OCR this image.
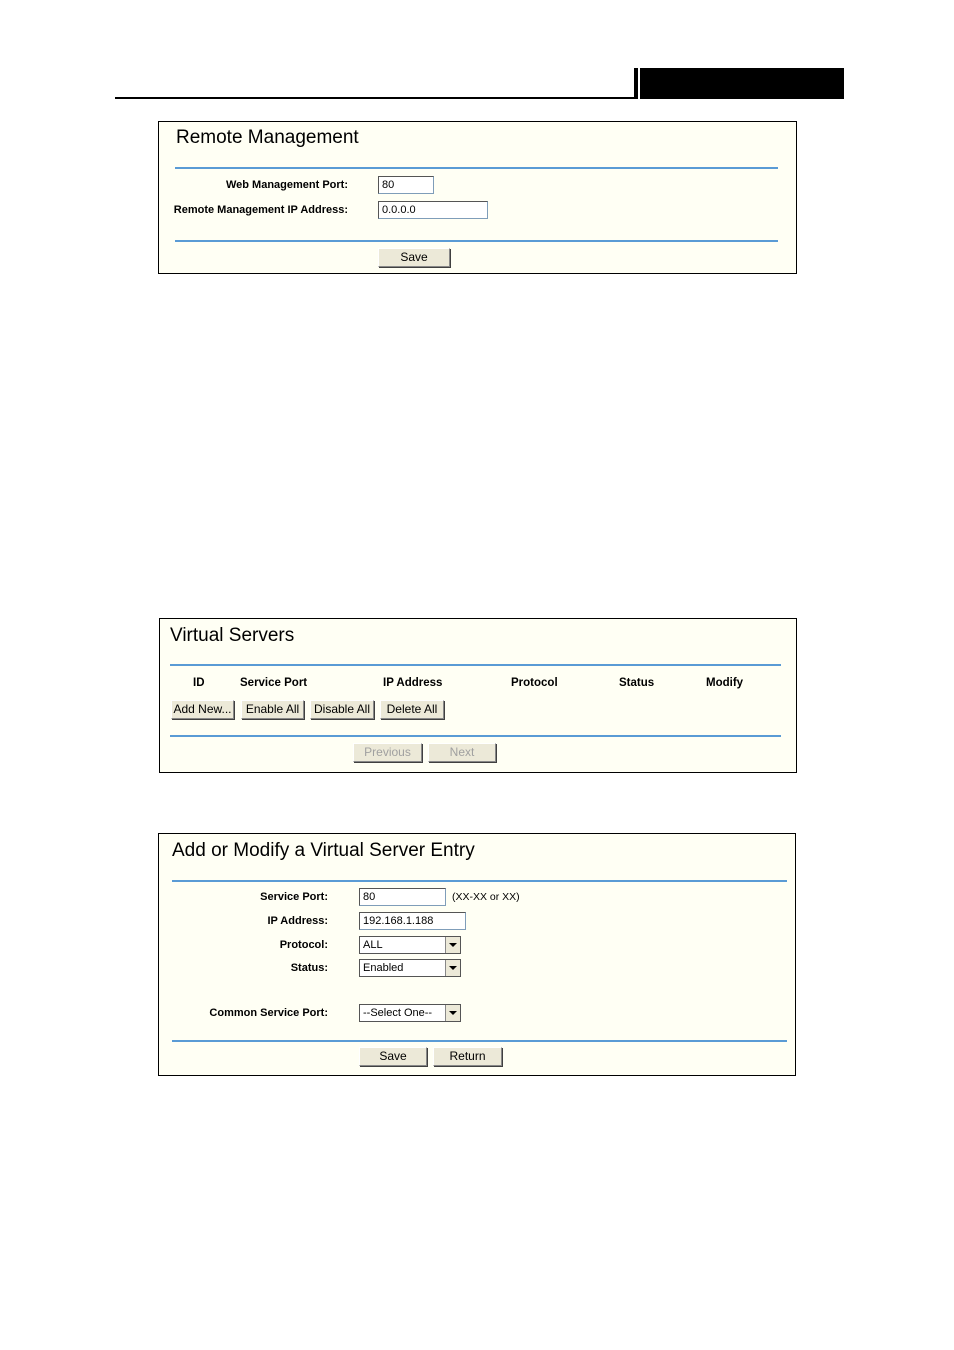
Remote Management
Web Management Port:	80
Remote Management IP Address:	0.0.0.0
Save
Virtual Servers
ID	Service Port	IP Address	Protocol	Status	Modify
Add New...	Enable All	Disable All	Delete All
Previous	Next
Add or Modify a Virtual Server Entry
Service Port:	80	(XX-XX or XX)
IP Address:	192.168.1.188
Protocol:	ALL
Status:	Enabled
Common Service Port:	--Select One--
Save	Return
